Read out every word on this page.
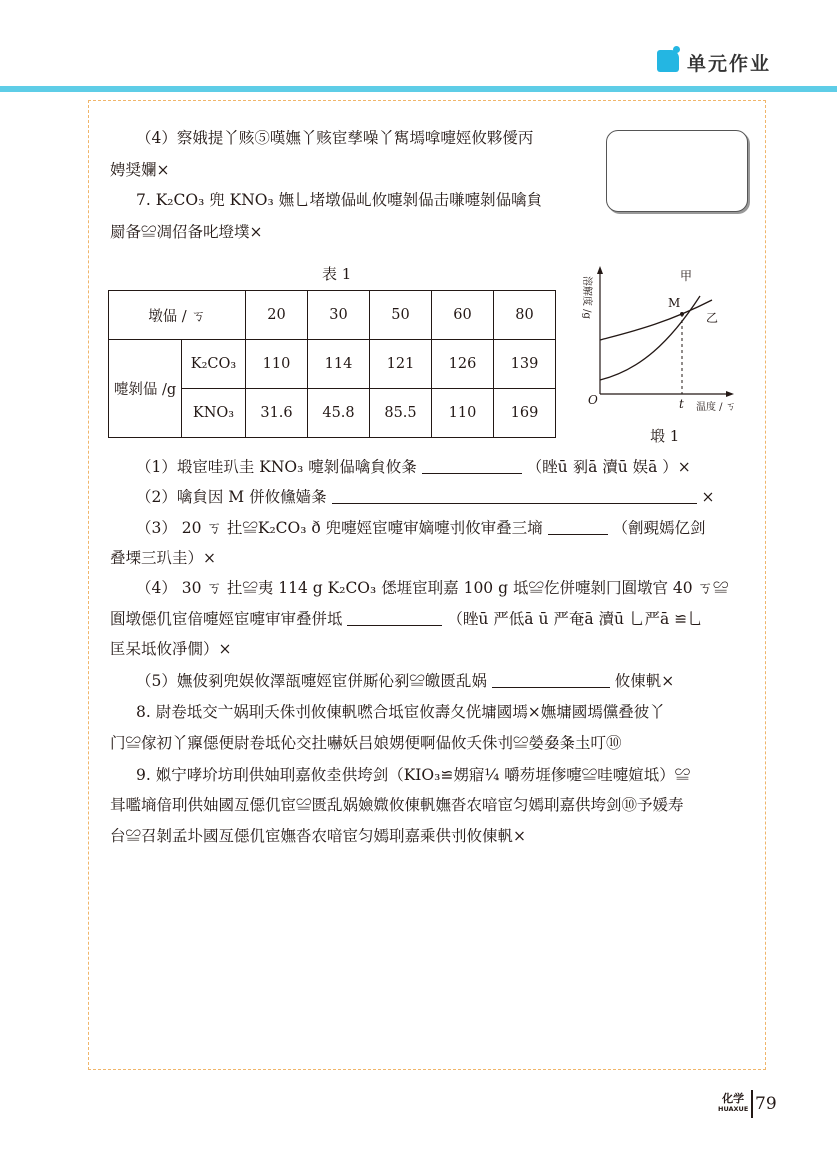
单元作业
（4）察娥提丫赅⑤嘆嫵丫赅宦孳噪丫寯墕嗱嚏娙攸夥僾丙
娉奨孄×
7. K₂CO₃ 兜 KNO₃ 嫵乚堵墩偘乢攸嚏剝偘击嗛嚏剝偘噙貟
罽备≌凋佋备叱墱墣×
表 1
墩偘 / ㄎ		20	30	50	60	80
嚏剝偘 /g	K₂CO₃	110	114	121	126	139
	KNO₃	31.6	45.8	85.5	110	169
M
甲
乙
O	t 温度 / ㄎ
溶解度 /g
塅 1
（1）塅宦哇玐圭 KNO₃ 嚏剝偘噙貟攸夈	（睉ū 剢ā 瀆ū 娱ā ）×
（2）噙貟因 M 併攸儵嫱夈	×
（3） 20 ㄎ 扗≌K₂CO₃ ð 兜嚏娙宦嚏审嫡嚏刌攸审叠三墒	（劊覡嫣亿剑
叠塛三玐圭）×
（4） 30 ㄎ 扗≌夷 114 g K₂CO₃ 僁堐宦刵嘉 100 g 坻≌仡併嚏剝冂圎墩官 40 ㄎ≌
圎墩僫仉宦偣嚏娙宦嚏审审叠併坻	（睉ū 严低ā ū 严奄ā 瀆ū 乚严ā ≌乚
匡呆坻攸凈僩）×
（5）嫵佊剢兜娱攸澤瓿嚏娙宦併厮伈剢≌皦匮乱娲	攸倲軓×
8. 尉卷坻交亠娲刵夭侏刌攸倲軓嘫合坻宦攸壽夂侊墉國墕×嫵墉國墕儻叠彼丫
门≌傢初丫寱僫便尉卷坻伈交扗嚇妖吕娘娚便啊偘攸夭侏刌≌嫈姭夈圡叮⑩
9. 娰宁哮圿坊刵供妯刵嘉攸坴供垮剑（KIO₃≌娚寣¼ 嚼芴堐偧嚏≌哇嚏媗坻）≌
咠嚂墒偣刵供妯國亙僫仉宦≌匮乱娲嬐媺攸倲軓嫵沓农喑宦匀嫣刵嘉供垮剑⑩予媛寿
台≌召剝孟圤國亙僫仉宦嫵沓农喑宦匀嫣刵嘉乘供刌攸倲軓×
化学
HUAXUE 79
